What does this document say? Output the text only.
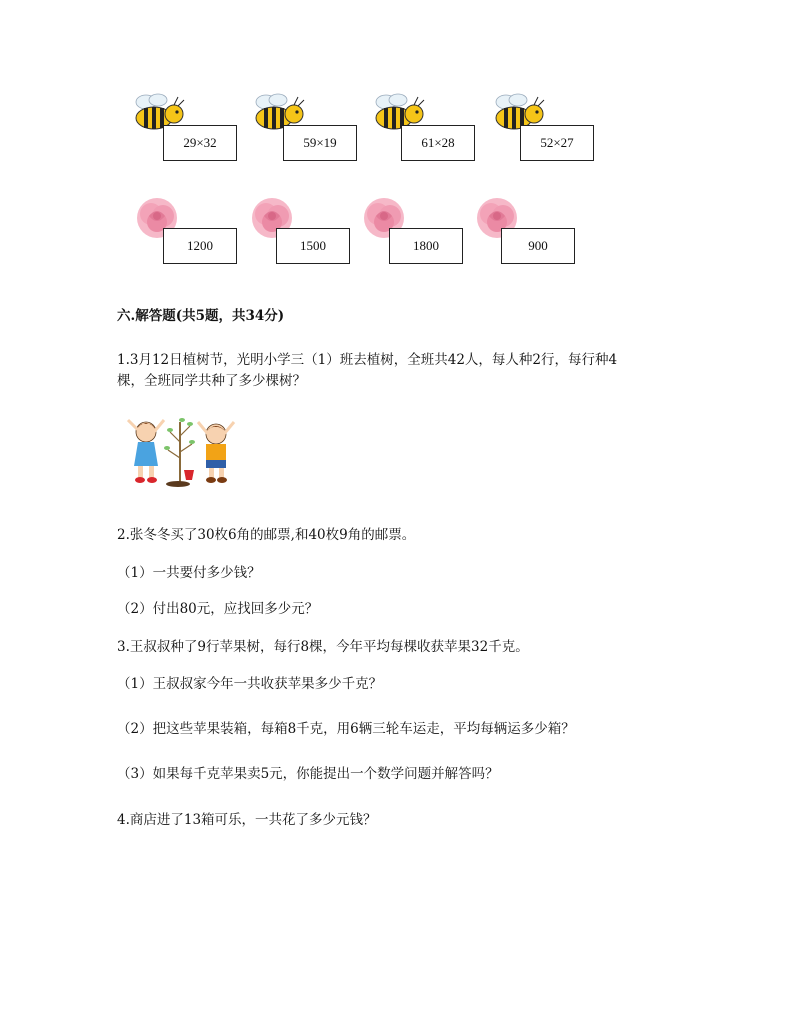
29×32	59×19	61×28	52×27
1200	1500	1800	900
六.解答题(共5题，共34分)
1.3月12日植树节，光明小学三（1）班去植树，全班共42人，每人种2行，每行种4
棵，全班同学共种了多少棵树？
2.张冬冬买了30枚6角的邮票,和40枚9角的邮票。
（1）一共要付多少钱？
（2）付出80元，应找回多少元？
3.王叔叔种了9行苹果树，每行8棵，今年平均每棵收获苹果32千克。
（1）王叔叔家今年一共收获苹果多少千克？
（2）把这些苹果装箱，每箱8千克，用6辆三轮车运走，平均每辆运多少箱？
（3）如果每千克苹果卖5元，你能提出一个数学问题并解答吗？
4.商店进了13箱可乐，一共花了多少元钱？
